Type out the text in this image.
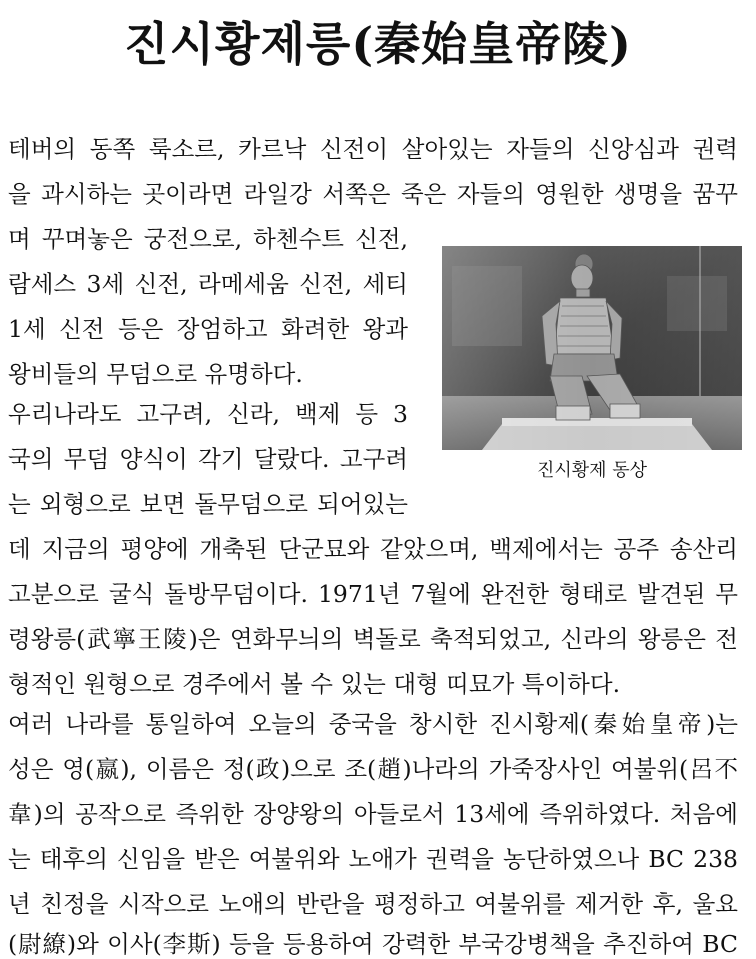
진시황제릉(秦始皇帝陵)
테버의 동쪽 룩소르, 카르낙 신전이 살아있는 자들의 신앙심과 권력
을 과시하는 곳이라면 라일강 서쪽은 죽은 자들의 영원한 생명을 꿈꾸
며 꾸며놓은 궁전으로, 하첸수트 신전,
람세스 3세 신전, 라메세움 신전, 세티
1세 신전 등은 장엄하고 화려한 왕과
왕비들의 무덤으로 유명하다.
우리나라도 고구려, 신라, 백제 등 3
국의 무덤 양식이 각기 달랐다. 고구려
는 외형으로 보면 돌무덤으로 되어있는
데 지금의 평양에 개축된 단군묘와 같았으며, 백제에서는 공주 송산리
고분으로 굴식 돌방무덤이다. 1971년 7월에 완전한 형태로 발견된 무
령왕릉(武寧王陵)은 연화무늬의 벽돌로 축적되었고, 신라의 왕릉은 전
형적인 원형으로 경주에서 볼 수 있는 대형 띠묘가 특이하다.
여러 나라를 통일하여 오늘의 중국을 창시한 진시황제(秦始皇帝)는
성은 영(嬴), 이름은 정(政)으로 조(趙)나라의 가죽장사인 여불위(呂不
韋)의 공작으로 즉위한 장양왕의 아들로서 13세에 즉위하였다. 처음에
는 태후의 신임을 받은 여불위와 노애가 권력을 농단하였으나 BC 238
년 친정을 시작으로 노애의 반란을 평정하고 여불위를 제거한 후, 울요
(尉繚)와 이사(李斯) 등을 등용하여 강력한 부국강병책을 추진하여 BC
진시황제 동상
